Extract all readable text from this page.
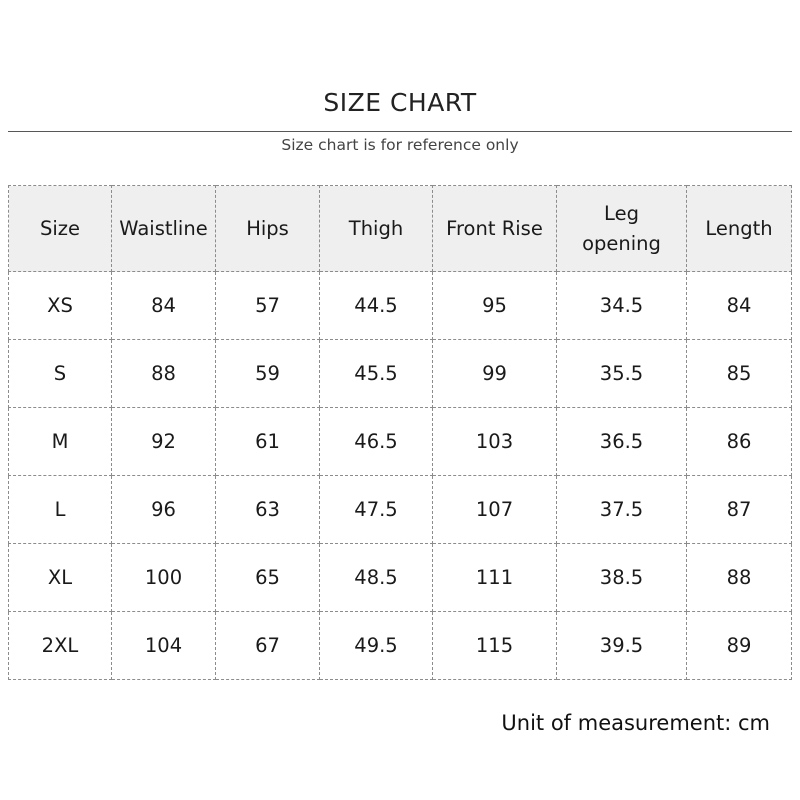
SIZE CHART
Size chart is for reference only
Size	Waistline	Hips	Thigh	Front Rise	Leg opening	Length
XS	84	57	44.5	95	34.5	84
S	88	59	45.5	99	35.5	85
M	92	61	46.5	103	36.5	86
L	96	63	47.5	107	37.5	87
XL	100	65	48.5	111	38.5	88
2XL	104	67	49.5	115	39.5	89
Unit of measurement: cm
